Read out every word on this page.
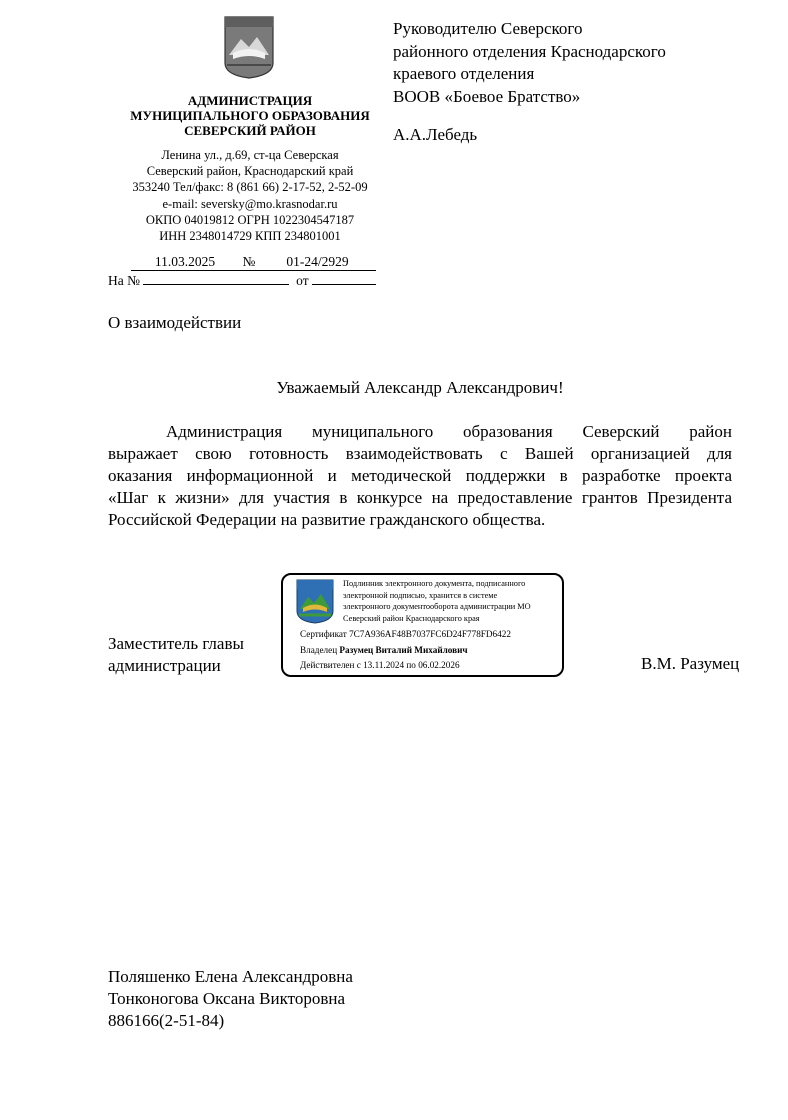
АДМИНИСТРАЦИЯ
МУНИЦИПАЛЬНОГО ОБРАЗОВАНИЯ
СЕВЕРСКИЙ РАЙОН
Ленина ул., д.69, ст-ца Северская
Северский район, Краснодарский край
353240 Тел/факс: 8 (861 66) 2-17-52, 2-52-09
e-mail: seversky@mo.krasnodar.ru
ОКПО 04019812 ОГРН 1022304547187
ИНН 2348014729 КПП 234801001
11.03.2025 № 01-24/2929
На №	от
Руководителю Северского
районного отделения Краснодарского
краевого отделения
ВООВ «Боевое Братство»
А.А.Лебедь
О взаимодействии
Уважаемый Александр Александрович!
Администрация муниципального образования Северский район
выражает свою готовность взаимодействовать с Вашей организацией для
оказания информационной и методической поддержки в разработке проекта
«Шаг к жизни» для участия в конкурсе на предоставление грантов Президента
Российской Федерации на развитие гражданского общества.
Заместитель главы
администрации
Подлинник электронного документа, подписанного
электронной подписью, хранится в системе
электронного документооборота администрации МО
Северский район Краснодарского края
Сертификат 7C7A936AF48B7037FC6D24F778FD6422
Владелец Разумец Виталий Михайлович
Действителен с 13.11.2024 по 06.02.2026	В.М. Разумец
Поляшенко Елена Александровна
Тонконогова Оксана Викторовна
886166(2-51-84)
